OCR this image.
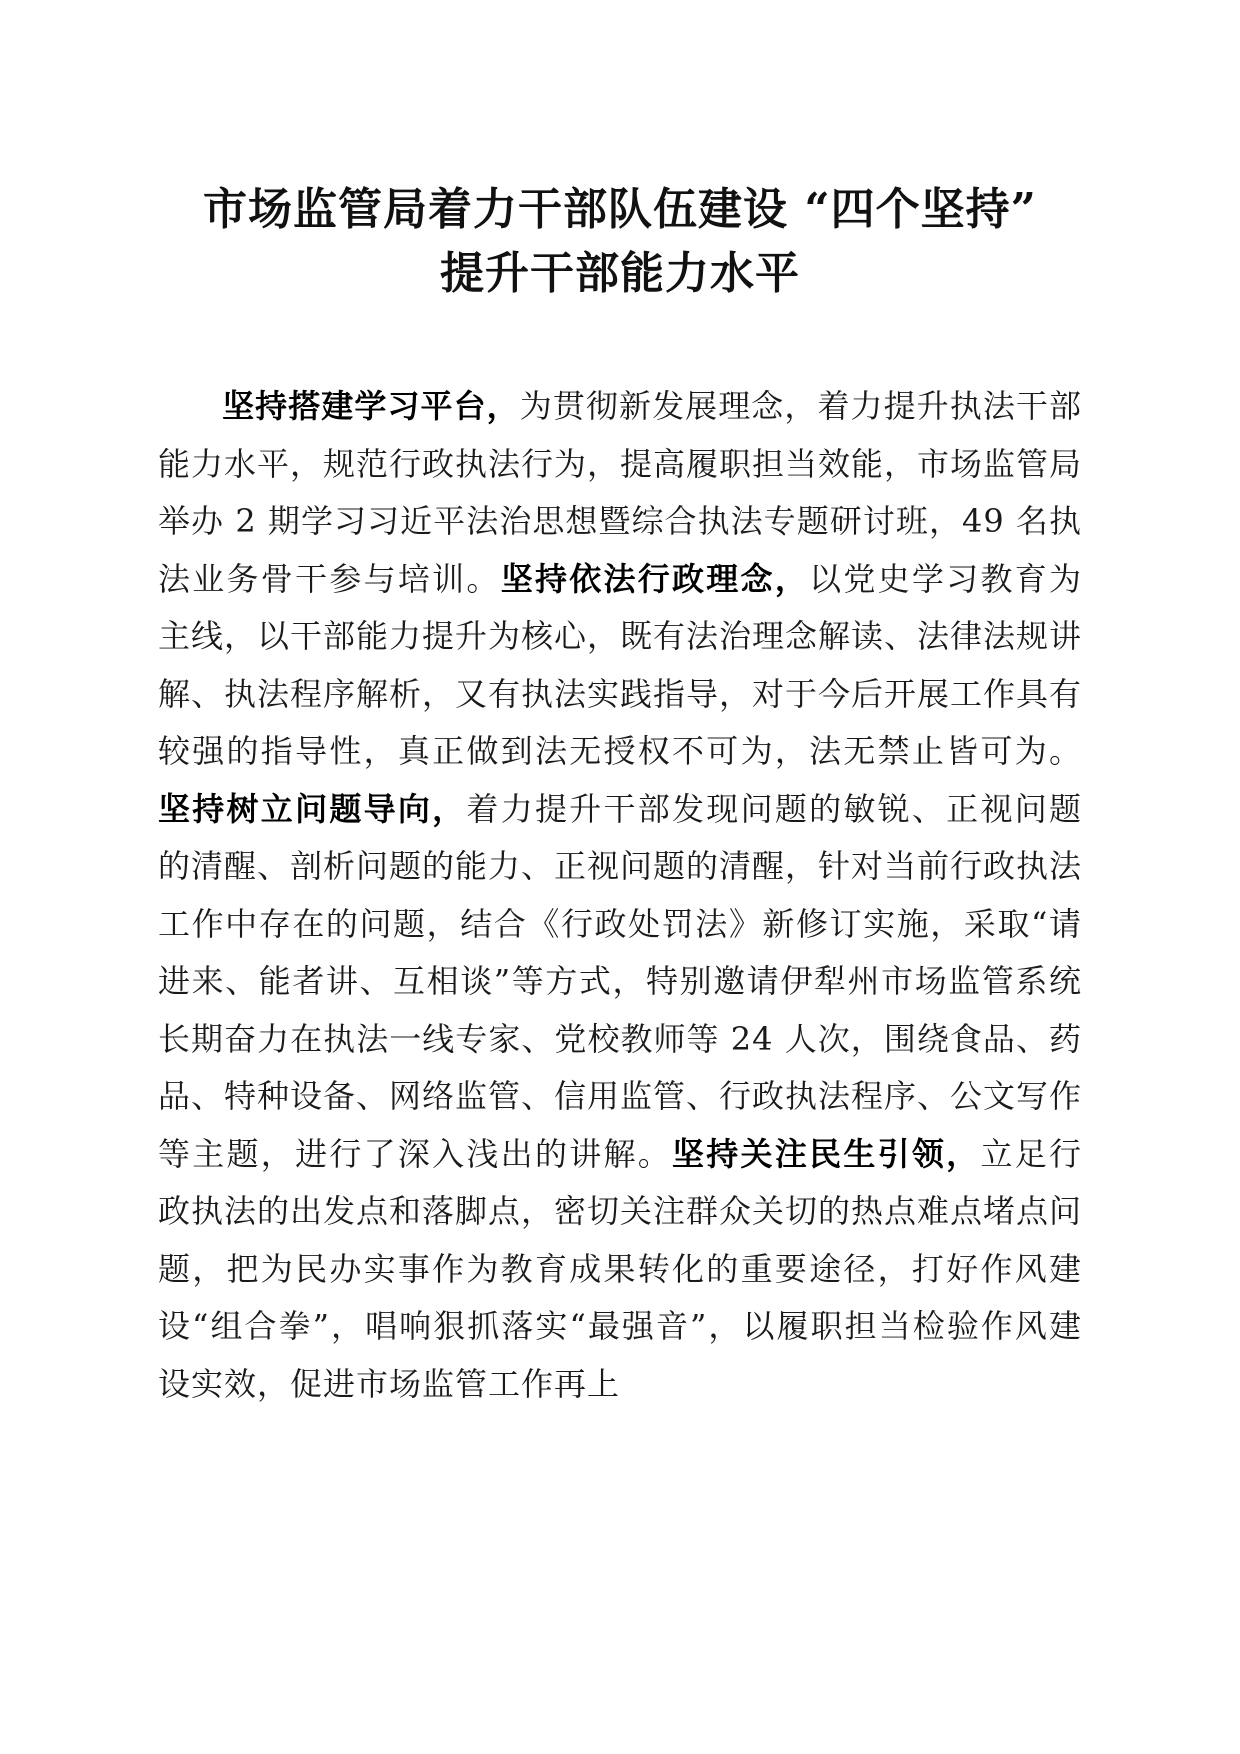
市场监管局着力干部队伍建设 “四个坚持”
提升干部能力水平

坚持搭建学习平台，为贯彻新发展理念，着力提升执法干部能力水平，规范行政执法行为，提高履职担当效能，市场监管局举办 2 期学习习近平法治思想暨综合执法专题研讨班，49 名执法业务骨干参与培训。坚持依法行政理念，以党史学习教育为主线，以干部能力提升为核心，既有法治理念解读、法律法规讲解、执法程序解析，又有执法实践指导，对于今后开展工作具有较强的指导性，真正做到法无授权不可为，法无禁止皆可为。坚持树立问题导向，着力提升干部发现问题的敏锐、正视问题的清醒、剖析问题的能力、正视问题的清醒，针对当前行政执法工作中存在的问题，结合《行政处罚法》新修订实施，采取“请进来、能者讲、互相谈”等方式，特别邀请伊犁州市场监管系统长期奋力在执法一线专家、党校教师等 24 人次，围绕食品、药品、特种设备、网络监管、信用监管、行政执法程序、公文写作等主题，进行了深入浅出的讲解。坚持关注民生引领，立足行政执法的出发点和落脚点，密切关注群众关切的热点难点堵点问题，把为民办实事作为教育成果转化的重要途径，打好作风建设“组合拳”，唱响狠抓落实“最强音”，以履职担当检验作风建设实效，促进市场监管工作再上
